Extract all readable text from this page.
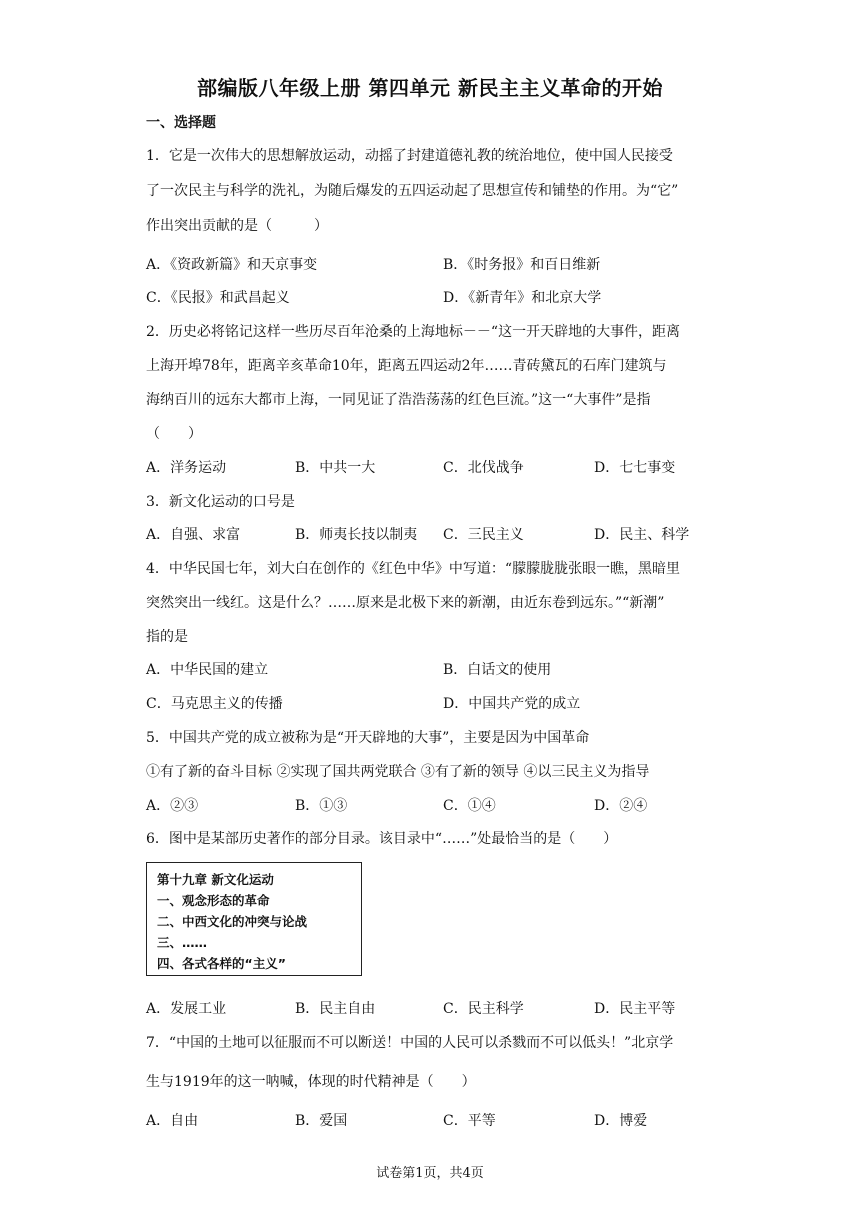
部编版八年级上册 第四单元 新民主主义革命的开始
一、选择题
1．它是一次伟大的思想解放运动，动摇了封建道德礼教的统治地位，使中国人民接受
了一次民主与科学的洗礼，为随后爆发的五四运动起了思想宣传和铺垫的作用。为“它”
作出突出贡献的是（　　　）
A．《资政新篇》和天京事变	B．《时务报》和百日维新
C．《民报》和武昌起义	D．《新青年》和北京大学
2．历史必将铭记这样一些历尽百年沧桑的上海地标－－“这一开天辟地的大事件，距离
上海开埠78年，距离辛亥革命10年，距离五四运动2年……青砖黛瓦的石库门建筑与
海纳百川的远东大都市上海，一同见证了浩浩荡荡的红色巨流。”这一“大事件”是指
（　　）
A．洋务运动	B．中共一大	C．北伐战争	D．七七事变
3．新文化运动的口号是
A．自强、求富	B．师夷长技以制夷 C．三民主义	D．民主、科学
4．中华民国七年，刘大白在创作的《红色中华》中写道：“朦朦胧胧张眼一瞧，黑暗里
突然突出一线红。这是什么？……原来是北极下来的新潮，由近东卷到远东。”“新潮”
指的是
A．中华民国的建立	B．白话文的使用
C．马克思主义的传播	D．中国共产党的成立
5．中国共产党的成立被称为是“开天辟地的大事”，主要是因为中国革命
①有了新的奋斗目标 ②实现了国共两党联合 ③有了新的领导 ④以三民主义为指导
A．②③	B．①③	C．①④	D．②④
6．图中是某部历史著作的部分目录。该目录中“……”处最恰当的是（　　）
第十九章 新文化运动
一、观念形态的革命
二、中西文化的冲突与论战
三、……
四、各式各样的“主义”
A．发展工业	B．民主自由	C．民主科学	D．民主平等
7．“中国的土地可以征服而不可以断送！中国的人民可以杀戮而不可以低头！”北京学
生与1919年的这一呐喊，体现的时代精神是（　　）
A．自由	B．爱国	C．平等	D．博爱
试卷第1页，共4页
